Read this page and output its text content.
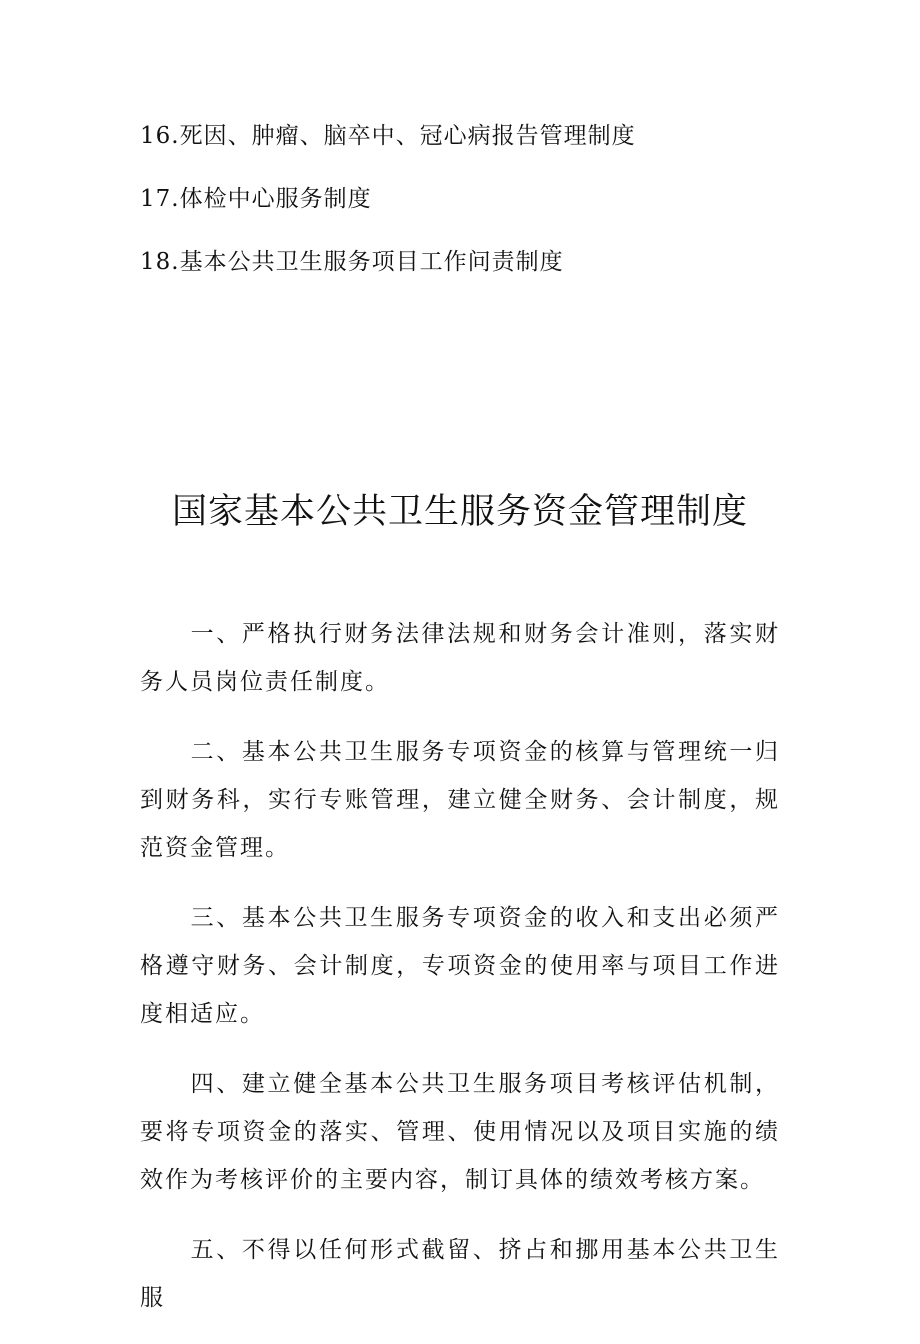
16.死因、肿瘤、脑卒中、冠心病报告管理制度
17.体检中心服务制度
18.基本公共卫生服务项目工作问责制度
国家基本公共卫生服务资金管理制度

一、严格执行财务法律法规和财务会计准则，落实财务人员岗位责任制度。

二、基本公共卫生服务专项资金的核算与管理统一归到财务科，实行专账管理，建立健全财务、会计制度，规范资金管理。

三、基本公共卫生服务专项资金的收入和支出必须严格遵守财务、会计制度，专项资金的使用率与项目工作进度相适应。

四、建立健全基本公共卫生服务项目考核评估机制，要将专项资金的落实、管理、使用情况以及项目实施的绩效作为考核评价的主要内容，制订具体的绩效考核方案。

五、不得以任何形式截留、挤占和挪用基本公共卫生服
